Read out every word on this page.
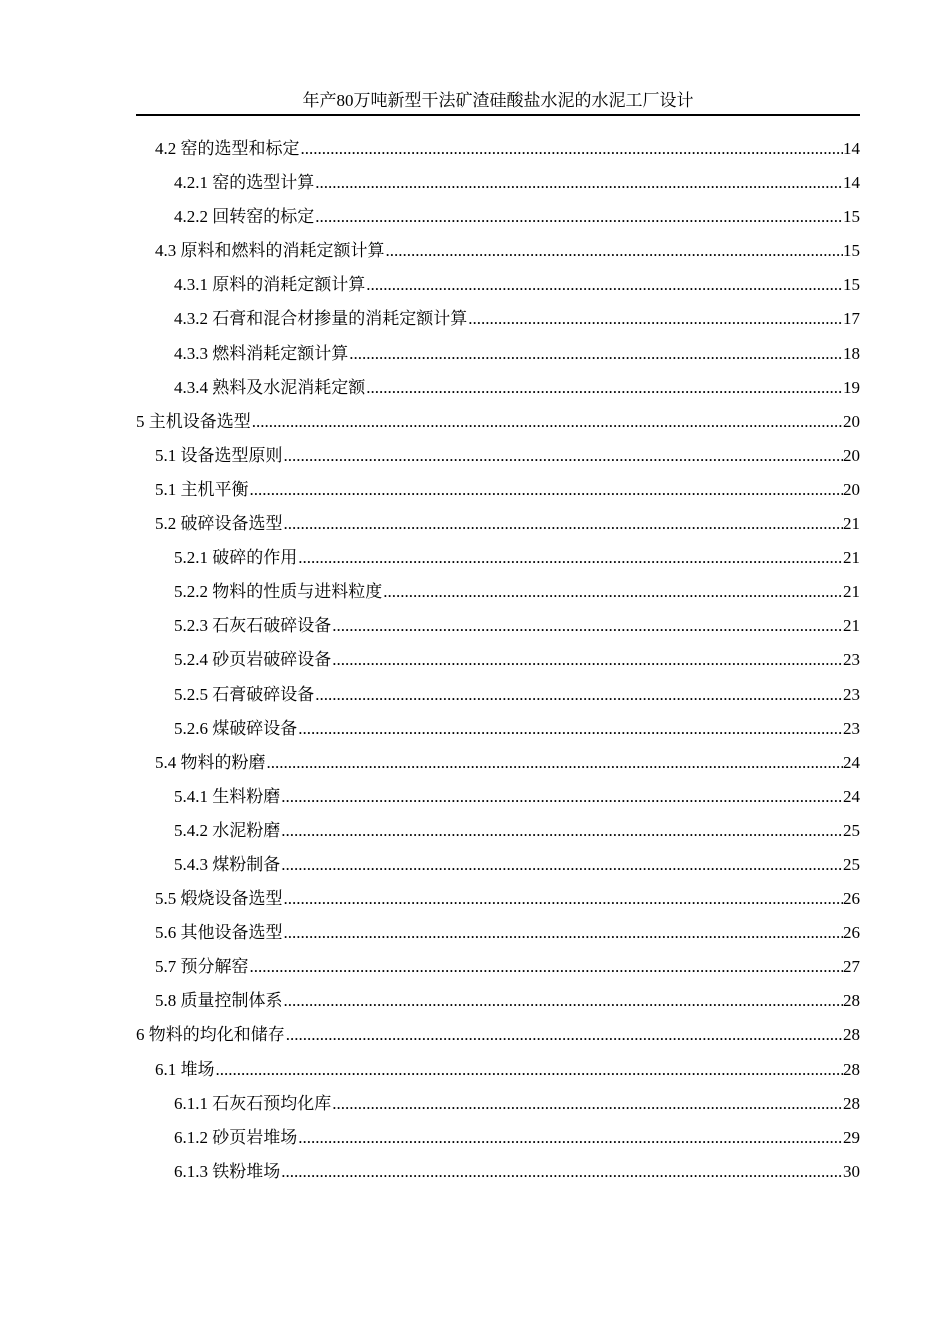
年产80万吨新型干法矿渣硅酸盐水泥的水泥工厂设计
4.2 窑的选型和标定 .....	14
4.2.1 窑的选型计算 .....	14
4.2.2 回转窑的标定 .....	15
4.3 原料和燃料的消耗定额计算 .....	15
4.3.1 原料的消耗定额计算 .....	15
4.3.2 石膏和混合材掺量的消耗定额计算 .....	17
4.3.3 燃料消耗定额计算 .....	18
4.3.4 熟料及水泥消耗定额 .....	19
5 主机设备选型 .....	20
5.1 设备选型原则 .....	20
5.1 主机平衡 .....	20
5.2 破碎设备选型 .....	21
5.2.1 破碎的作用 .....	21
5.2.2 物料的性质与进料粒度 .....	21
5.2.3 石灰石破碎设备 .....	21
5.2.4 砂页岩破碎设备 .....	23
5.2.5 石膏破碎设备 .....	23
5.2.6 煤破碎设备 .....	23
5.4 物料的粉磨 .....	24
5.4.1 生料粉磨 .....	24
5.4.2 水泥粉磨 .....	25
5.4.3 煤粉制备 .....	25
5.5 煅烧设备选型 .....	26
5.6 其他设备选型 .....	26
5.7 预分解窑 .....	27
5.8 质量控制体系 .....	28
6 物料的均化和储存 .....	28
6.1 堆场 .....	28
6.1.1 石灰石预均化库 .....	28
6.1.2 砂页岩堆场 .....	29
6.1.3 铁粉堆场 .....	30
